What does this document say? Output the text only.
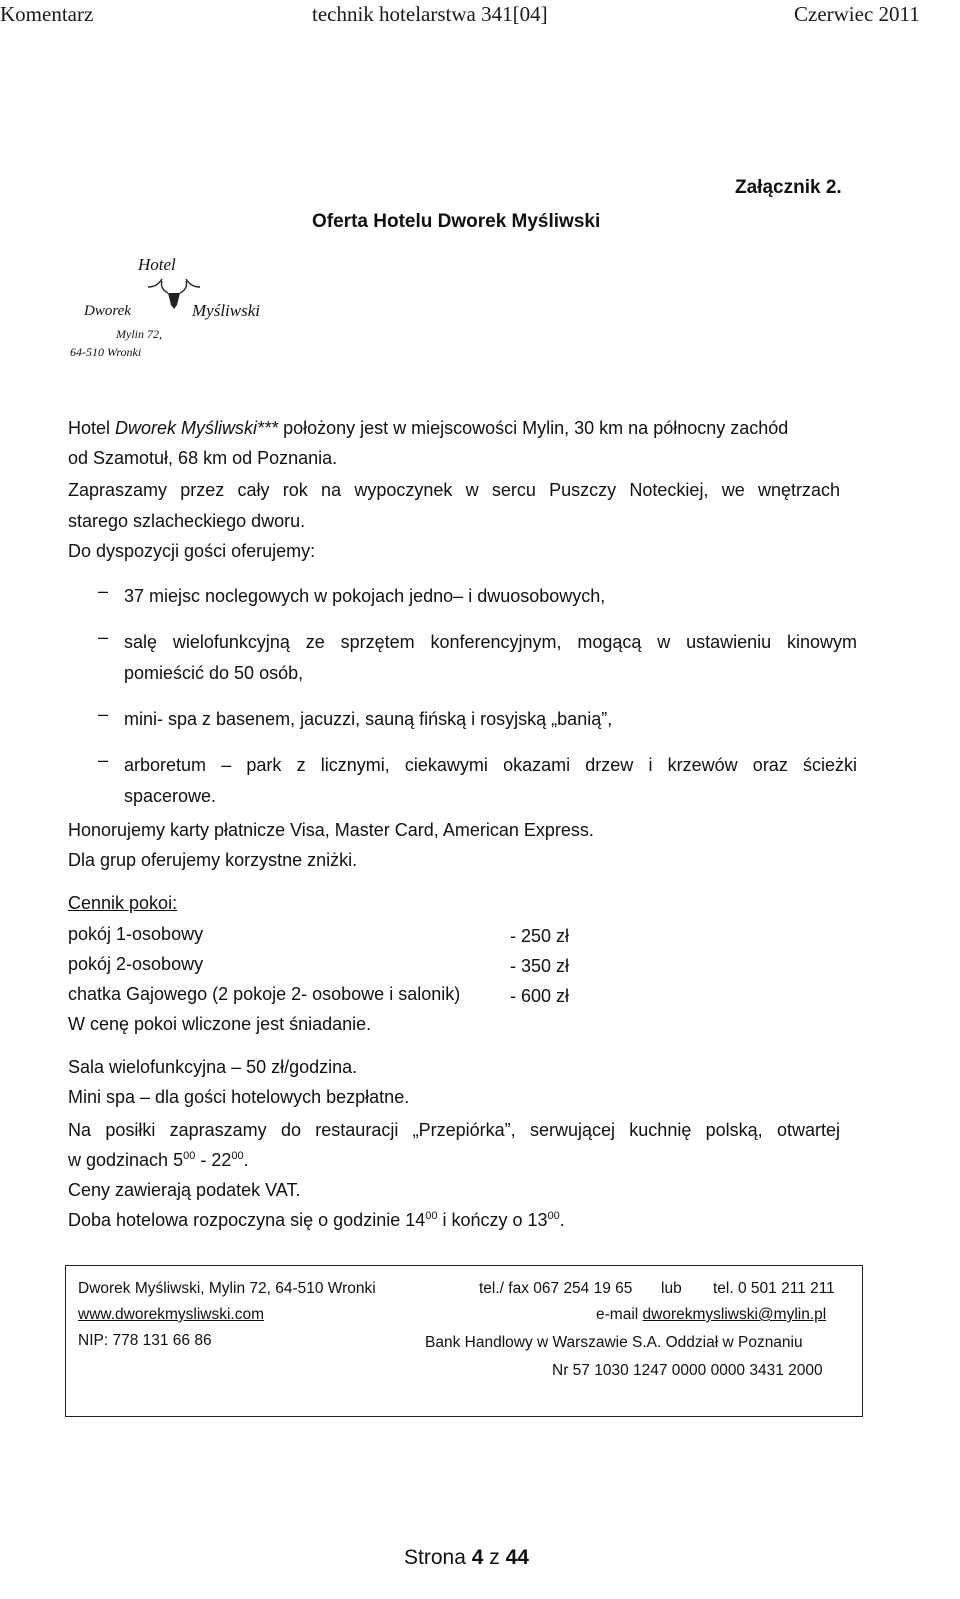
Komentarz	technik hotelarstwa 341[04]	Czerwiec 2011
Załącznik 2.
Oferta Hotelu Dworek Myśliwski
Hotel
Dworek	Myśliwski
Mylin 72,
64-510 Wronki
Hotel Dworek Myśliwski*** położony jest w miejscowości Mylin, 30 km na północny zachód
od Szamotuł, 68 km od Poznania.
Zapraszamy przez cały rok na wypoczynek w sercu Puszczy Noteckiej, we wnętrzach
starego szlacheckiego dworu.
Do dyspozycji gości oferujemy:
– 37 miejsc noclegowych w pokojach jedno– i dwuosobowych,
– salę wielofunkcyjną ze sprzętem konferencyjnym, mogącą w ustawieniu kinowym
pomieścić do 50 osób,
– mini- spa z basenem, jacuzzi, sauną fińską i rosyjską „banią”,
– arboretum – park z licznymi, ciekawymi okazami drzew i krzewów oraz ścieżki
spacerowe.
Honorujemy karty płatnicze Visa, Master Card, American Express.
Dla grup oferujemy korzystne zniżki.
Cennik pokoi:
pokój 1-osobowy	- 250 zł
pokój 2-osobowy	- 350 zł
chatka Gajowego (2 pokoje 2- osobowe i salonik)	- 600 zł
W cenę pokoi wliczone jest śniadanie.
Sala wielofunkcyjna – 50 zł/godzina.
Mini spa – dla gości hotelowych bezpłatne.
Na posiłki zapraszamy do restauracji „Przepiórka”, serwującej kuchnię polską, otwartej
w godzinach $5^{00} - 22^{00}$.
Ceny zawierają podatek VAT.
Doba hotelowa rozpoczyna się o godzinie $14^{00}$ i kończy o $13^{00}$.
Dworek Myśliwski, Mylin 72, 64-510 Wronki	tel./ fax 067 254 19 65 lub tel. 0 501 211 211
www.dworekmysliwski.com	e-mail dworekmysliwski@mylin.pl
NIP: 778 131 66 86	Bank Handlowy w Warszawie S.A. Oddział w Poznaniu
Nr 57 1030 1247 0000 0000 3431 2000
Strona 4 z 44
